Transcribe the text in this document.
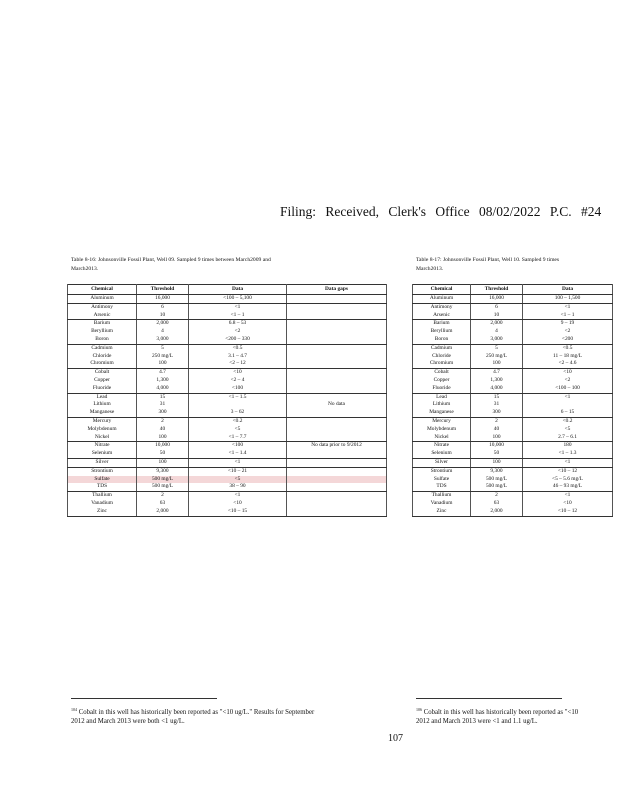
Filing: Received, Clerk's Office 08/02/2022 P.C. #24
Table 8-16: Johnsonville Fossil Plant, Well 09. Sampled 9 times between March2009 and
March2013.
Table 8-17: Johnsonville Fossil Plant, Well 10. Sampled 9 times
March2013.
Chemical	Threshold	Data	Data gaps
Aluminum	16,000	<100 – 5,100	
Antimony	6	<1	
Arsenic	10	<1 – 1	
Barium	2,000	6.8 – 53	
Beryllium	4	<2	
Boron	3,000	<200 – 330	
Cadmium	5	<0.5	
Chloride	250 mg/L	3.1 – 4.7	
Chromium	100	<2 – 12	
Cobalt	4.7	<10	
Copper	1,300	<2 – 4	
Fluoride	4,000	<100	
Lead	15	<1 – 1.5	
Lithium	31		No data
Manganese	300	3 – 62	
Mercury	2	<0.2	
Molybdenum	40	<5	
Nickel	100	<1 – 7.7	
Nitrate	10,000	<100	No data prior to 9/2012
Selenium	50	<1 – 1.4	
Silver	100	<1	
Strontium	9,300	<10 – 21	
Sulfate	500 mg/L	<5	
TDS	500 mg/L	38 – 90	
Thallium	2	<1	
Vanadium	63	<10	
Zinc	2,000	<10 – 15	
Chemical	Threshold	Data
Aluminum	16,000	100 – 1,500
Antimony	6	<1
Arsenic	10	<1 – 1
Barium	2,000	9 – 19
Beryllium	4	<2
Boron	3,000	<200
Cadmium	5	<0.5
Chloride	250 mg/L	11 – 18 mg/L
Chromium	100	<2 – 4.6
Cobalt	4.7	<10
Copper	1,300	<2
Fluoride	4,000	<100 – 100
Lead	15	<1
Lithium	31	
Manganese	300	6 – 15
Mercury	2	<0.2
Molybdenum	40	<5
Nickel	100	2.7 – 6.1
Nitrate	10,000	180
Selenium	50	<1 – 1.3
Silver	100	<1
Strontium	9,300	<10 – 12
Sulfate	500 mg/L	<5 – 5.6 mg/L
TDS	500 mg/L	46 – 93 mg/L
Thallium	2	<1
Vanadium	63	<10
Zinc	2,000	<10 – 12
$^{104}$ Cobalt in this well has historically been reported as "<10 ug/L." Results for September
2012 and March 2013 were both <1 ug/L.
$^{106}$ Cobalt in this well has historically been reported as "<10
2012 and March 2013 were <1 and 1.1 ug/L.
107
